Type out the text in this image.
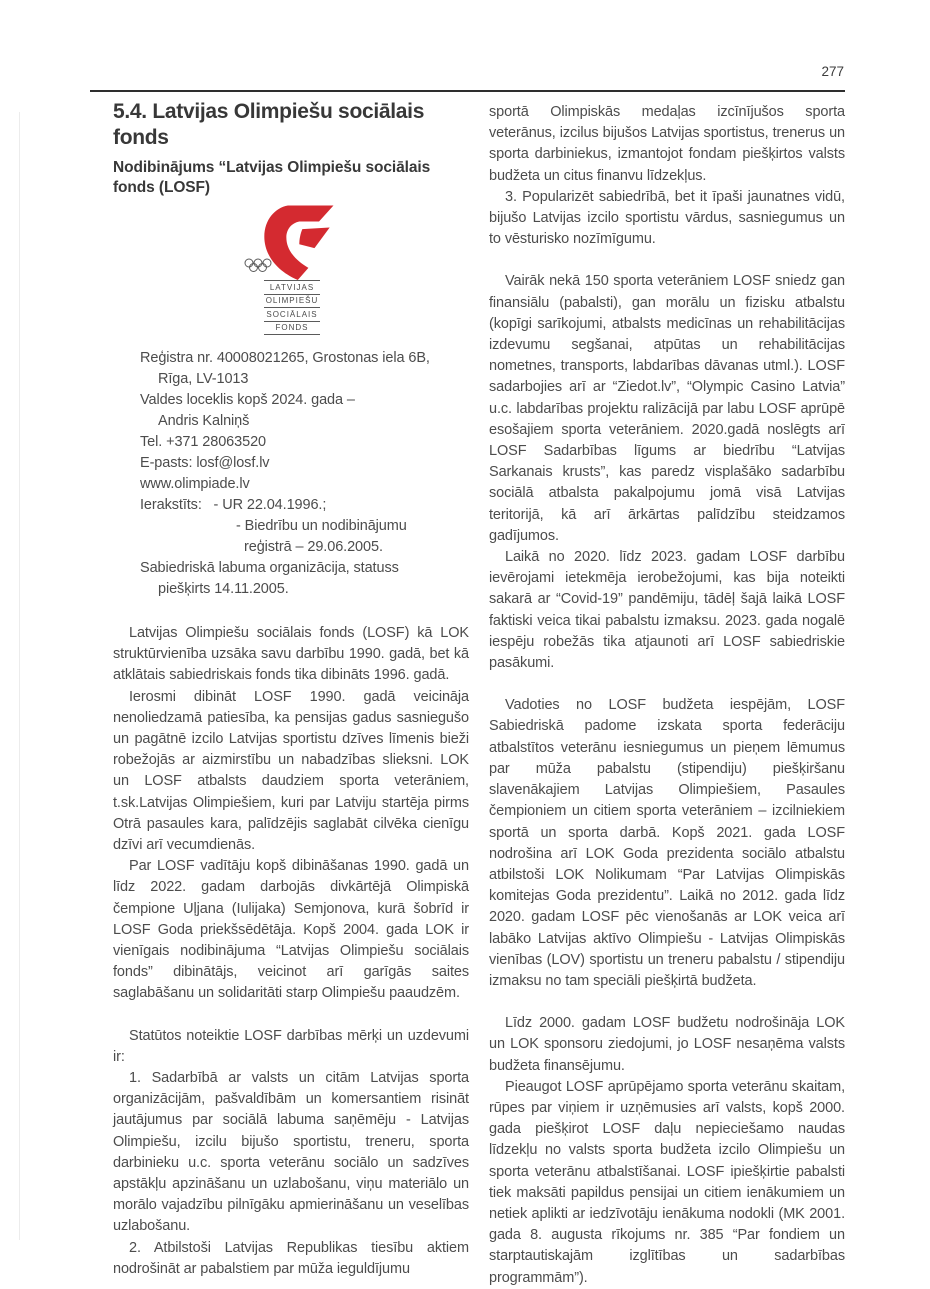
277
5.4. Latvijas Olimpiešu sociālais fonds
Nodibinājums “Latvijas Olimpiešu sociālais fonds (LOSF)
LATVIJAS
OLIMPIEŠU
SOCIĀLAIS
FONDS
Reģistra nr. 40008021265, Grostonas iela 6B,
Rīga, LV-1013
Valdes loceklis kopš 2024. gada –
Andris Kalniņš
Tel. +371 28063520
E-pasts: losf@losf.lv
www.olimpiade.lv
Ierakstīts:   - UR 22.04.1996.;
- Biedrību un nodibinājumu
reģistrā – 29.06.2005.
Sabiedriskā labuma organizācija, statuss
piešķirts 14.11.2005.
Latvijas Olimpiešu sociālais fonds (LOSF) kā LOK struktūrvienība uzsāka savu darbību 1990. gadā, bet kā atklātais sabiedriskais fonds tika dibināts 1996. gadā.
Ierosmi dibināt LOSF 1990. gadā veicināja nenoliedzamā patiesība, ka pensijas gadus sasniegušo un pagātnē izcilo Latvijas sportistu dzīves līmenis bieži robežojās ar aizmirstību un nabadzības slieksni. LOK un LOSF atbalsts daudziem sporta veterāniem, t.sk.Latvijas Olimpiešiem, kuri par Latviju startēja pirms Otrā pasaules kara, palīdzējis saglabāt cilvēka cienīgu dzīvi arī vecumdienās.
Par LOSF vadītāju kopš dibināšanas 1990. gadā un līdz 2022. gadam darbojās divkārtējā Olimpiskā čempione Uļjana (Iulijaka) Semjonova, kurā šobrīd ir LOSF Goda priekšsēdētāja. Kopš 2004. gada LOK ir vienīgais nodibinājuma “Latvijas Olimpiešu sociālais fonds” dibinātājs, veicinot arī garīgās saites saglabāšanu un solidaritāti starp Olimpiešu paaudzēm.
Statūtos noteiktie LOSF darbības mērķi un uzdevumi ir:
1. Sadarbībā ar valsts un citām Latvijas sporta organizācijām, pašvaldībām un komersantiem risināt jautājumus par sociālā labuma saņēmēju - Latvijas Olimpiešu, izcilu bijušo sportistu, treneru, sporta darbinieku u.c. sporta veterānu sociālo un sadzīves apstākļu apzināšanu un uzlabošanu, viņu materiālo un morālo vajadzību pilnīgāku apmierināšanu un veselības uzlabošanu.
2. Atbilstoši Latvijas Republikas tiesību aktiem nodrošināt ar pabalstiem par mūža ieguldījumu
sportā Olimpiskās medaļas izcīnījušos sporta veterānus, izcilus bijušos Latvijas sportistus, trenerus un sporta darbiniekus, izmantojot fondam piešķirtos valsts budžeta un citus finanvu līdzekļus.
3. Popularizēt sabiedrībā, bet it īpaši jaunatnes vidū, bijušo Latvijas izcilo sportistu vārdus, sasniegumus un to vēsturisko nozīmīgumu.
Vairāk nekā 150 sporta veterāniem LOSF sniedz gan finansiālu (pabalsti), gan morālu un fizisku atbalstu (kopīgi sarīkojumi, atbalsts medicīnas un rehabilitācijas izdevumu segšanai, atpūtas un rehabilitācijas nometnes, transports, labdarības dāvanas utml.). LOSF sadarbojies arī ar “Ziedot.lv”, “Olympic Casino Latvia” u.c. labdarības projektu ralizācijā par labu LOSF aprūpē esošajiem sporta veterāniem. 2020.gadā noslēgts arī LOSF Sadarbības līgums ar biedrību “Latvijas Sarkanais krusts”, kas paredz visplašāko sadarbību sociālā atbalsta pakalpojumu jomā visā Latvijas teritorijā, kā arī ārkārtas palīdzību steidzamos gadījumos.
Laikā no 2020. līdz 2023. gadam LOSF darbību ievērojami ietekmēja ierobežojumi, kas bija noteikti sakarā ar “Covid-19” pandēmiju, tādēļ šajā laikā LOSF faktiski veica tikai pabalstu izmaksu. 2023. gada nogalē iespēju robežās tika atjaunoti arī LOSF sabiedriskie pasākumi.
Vadoties no LOSF budžeta iespējām, LOSF Sabiedriskā padome izskata sporta federāciju atbalstītos veterānu iesniegumus un pieņem lēmumus par mūža pabalstu (stipendiju) piešķiršanu slavenākajiem Latvijas Olimpiešiem, Pasaules čempioniem un citiem sporta veterāniem – izcilniekiem sportā un sporta darbā. Kopš 2021. gada LOSF nodrošina arī LOK Goda prezidenta sociālo atbalstu atbilstoši LOK Nolikumam “Par Latvijas Olimpiskās komitejas Goda prezidentu”. Laikā no 2012. gada līdz 2020. gadam LOSF pēc vienošanās ar LOK veica arī labāko Latvijas aktīvo Olimpiešu - Latvijas Olimpiskās vienības (LOV) sportistu un treneru pabalstu / stipendiju izmaksu no tam speciāli piešķirtā budžeta.
Līdz 2000. gadam LOSF budžetu nodrošināja LOK un LOK sponsoru ziedojumi, jo LOSF nesaņēma valsts budžeta finansējumu.
Pieaugot LOSF aprūpējamo sporta veterānu skaitam, rūpes par viņiem ir uzņēmusies arī valsts, kopš 2000. gada piešķirot LOSF daļu nepieciešamo naudas līdzekļu no valsts sporta budžeta izcilo Olimpiešu un sporta veterānu atbalstīšanai. LOSF ipiešķirtie pabalsti tiek maksāti papildus pensijai un citiem ienākumiem un netiek aplikti ar iedzīvotāju ienākuma nodokli (MK 2001. gada 8. augusta rīkojums nr. 385 “Par fondiem un starptautiskajām izglītības un sadarbības programmām”).
